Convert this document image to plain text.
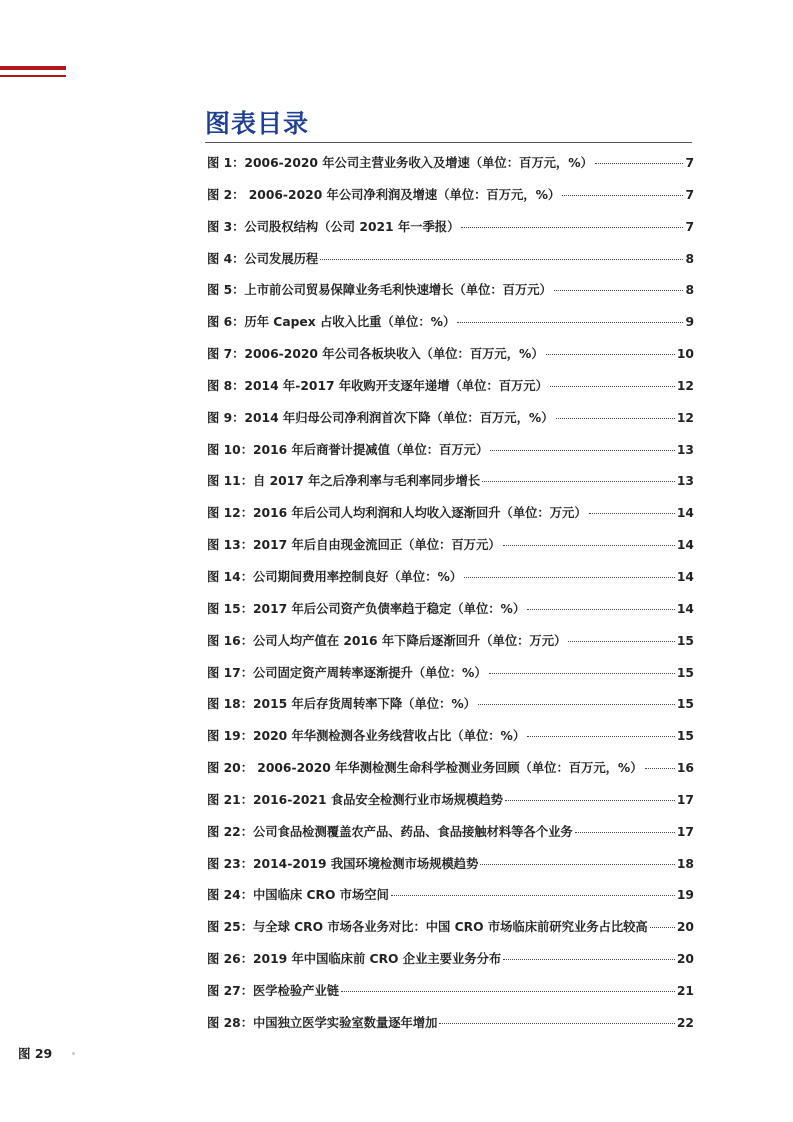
图表目录
图 1：2006-2020 年公司主营业务收入及增速（单位：百万元，%）	7
图 2： 2006-2020 年公司净利润及增速（单位：百万元，%）	7
图 3：公司股权结构（公司 2021 年一季报）	7
图 4：公司发展历程	8
图 5：上市前公司贸易保障业务毛利快速增长（单位：百万元）	8
图 6：历年 Capex 占收入比重（单位：%）	9
图 7：2006-2020 年公司各板块收入（单位：百万元，%）	10
图 8：2014 年-2017 年收购开支逐年递增（单位：百万元）	12
图 9：2014 年归母公司净利润首次下降（单位：百万元，%）	12
图 10：2016 年后商誉计提减值（单位：百万元）	13
图 11：自 2017 年之后净利率与毛利率同步增长	13
图 12：2016 年后公司人均利润和人均收入逐渐回升（单位：万元）	14
图 13：2017 年后自由现金流回正（单位：百万元）	14
图 14：公司期间费用率控制良好（单位：%）	14
图 15：2017 年后公司资产负债率趋于稳定（单位：%）	14
图 16：公司人均产值在 2016 年下降后逐渐回升（单位：万元）	15
图 17：公司固定资产周转率逐渐提升（单位：%）	15
图 18：2015 年后存货周转率下降（单位：%）	15
图 19：2020 年华测检测各业务线营收占比（单位：%）	15
图 20： 2006-2020 年华测检测生命科学检测业务回顾（单位：百万元，%）	16
图 21：2016-2021 食品安全检测行业市场规模趋势	17
图 22：公司食品检测覆盖农产品、药品、食品接触材料等各个业务	17
图 23：2014-2019 我国环境检测市场规模趋势	18
图 24：中国临床 CRO 市场空间	19
图 25：与全球 CRO 市场各业务对比：中国 CRO 市场临床前研究业务占比较高 20
图 26：2019 年中国临床前 CRO 企业主要业务分布	20
图 27：医学检验产业链	21
图 28：中国独立医学实验室数量逐年增加	22
图 29
